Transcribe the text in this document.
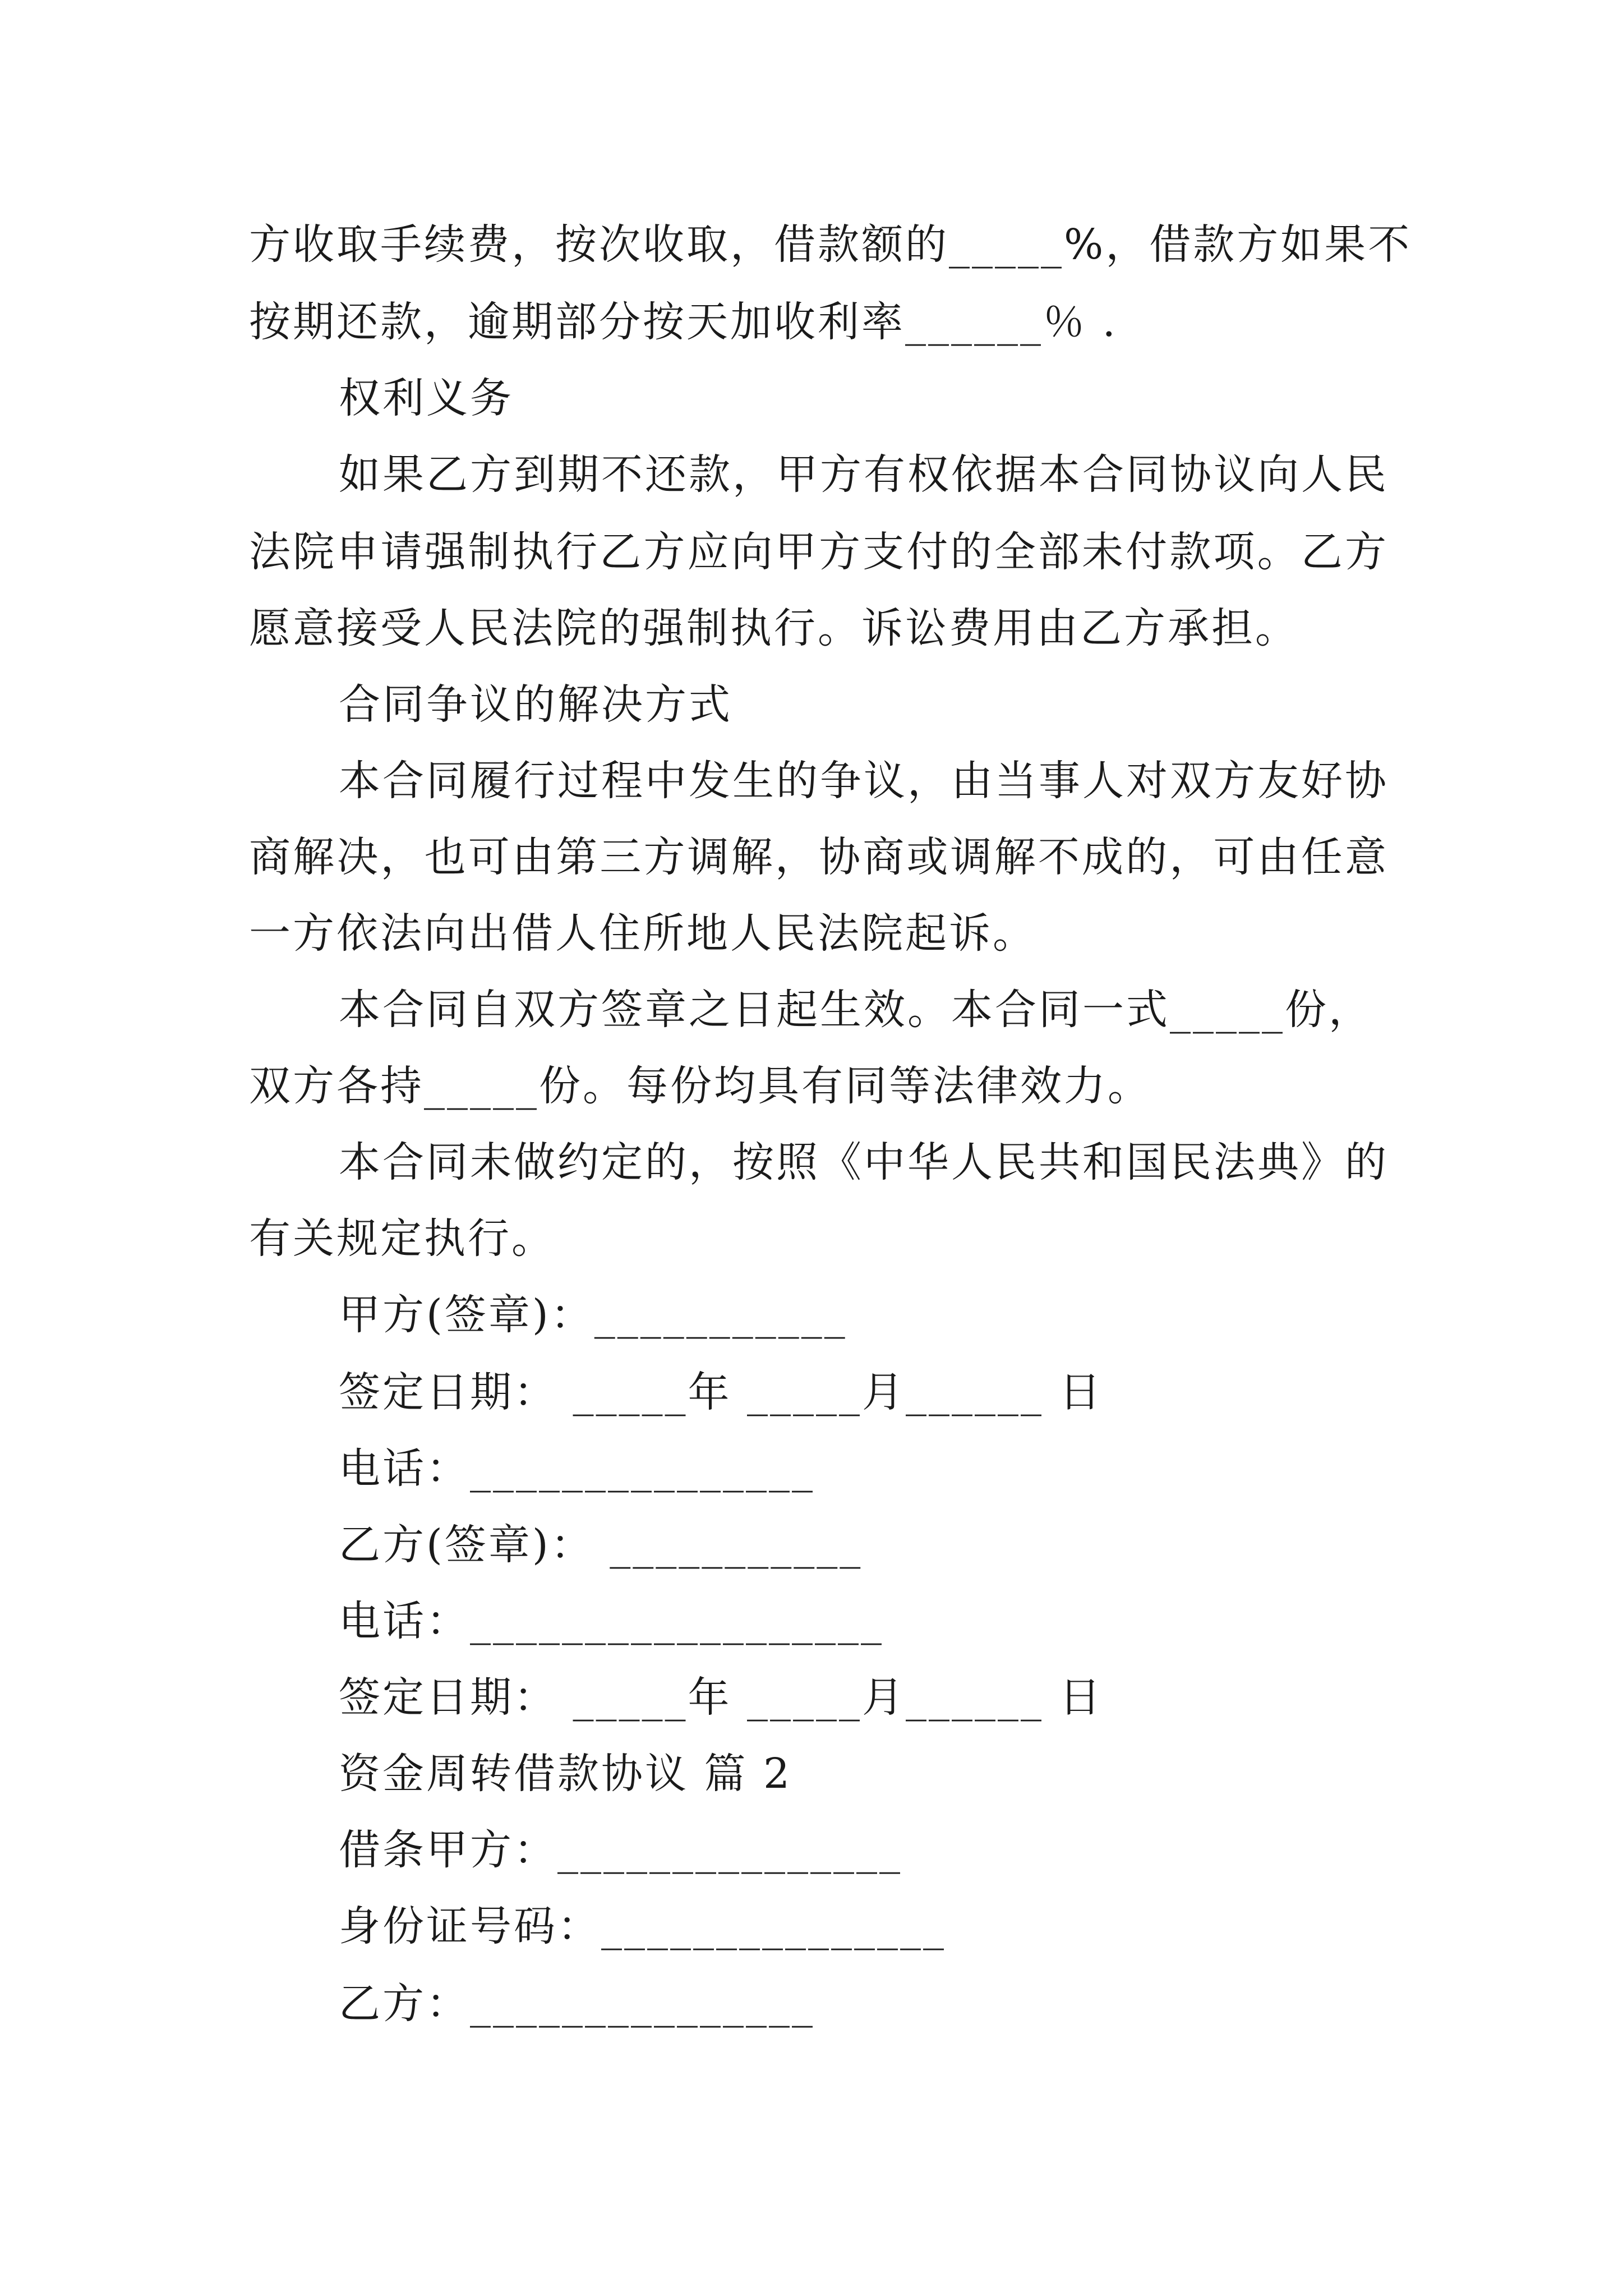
方收取手续费，按次收取，借款额的_____%，借款方如果不
按期还款，逾期部分按天加收利率______％ .
权利义务
如果乙方到期不还款，甲方有权依据本合同协议向人民
法院申请强制执行乙方应向甲方支付的全部未付款项。乙方
愿意接受人民法院的强制执行。诉讼费用由乙方承担。
合同争议的解决方式
本合同履行过程中发生的争议，由当事人对双方友好协
商解决，也可由第三方调解，协商或调解不成的，可由任意
一方依法向出借人住所地人民法院起诉。
本合同自双方签章之日起生效。本合同一式_____份，
双方各持_____份。每份均具有同等法律效力。
本合同未做约定的，按照《中华人民共和国民法典》的
有关规定执行。
甲方(签章)：___________
签定日期： _____年 _____月______ 日
电话：_______________
乙方(签章)： ___________
电话：__________________
签定日期： _____年 _____月______ 日
资金周转借款协议 篇 2
借条甲方：_______________
身份证号码：_______________
乙方：_______________
